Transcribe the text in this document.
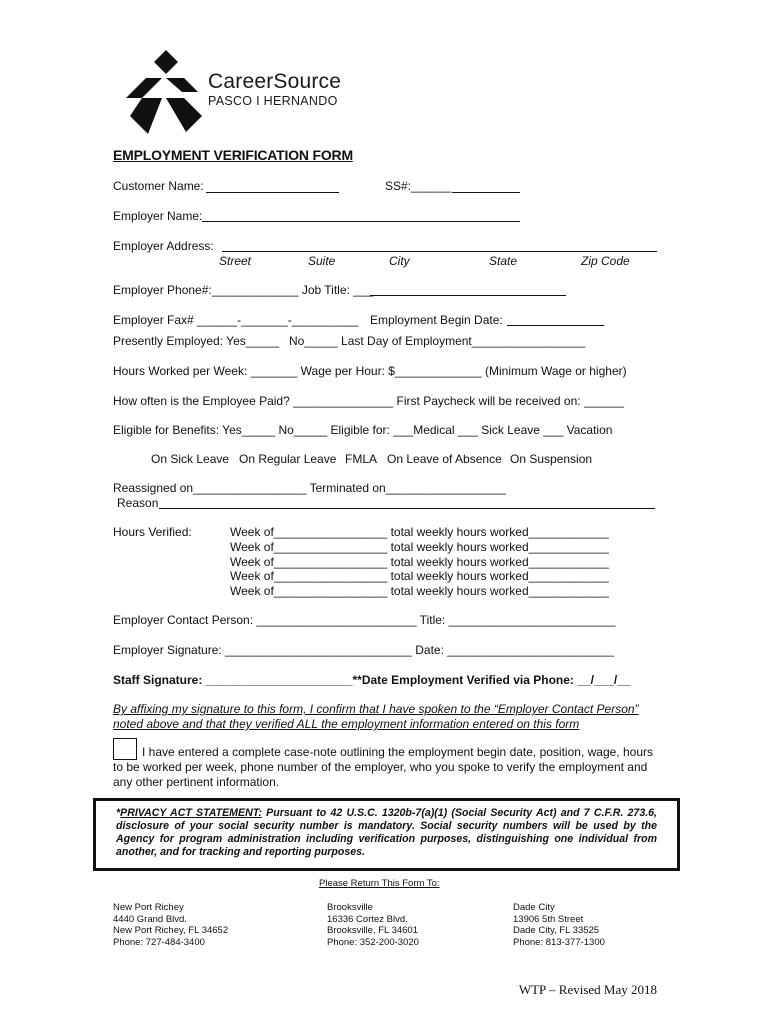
CareerSource
PASCO I HERNANDO
EMPLOYMENT VERIFICATION FORM
Customer Name:	SS#:______
Employer Name:
Employer Address:
Street	Suite	City	State	Zip Code
Employer Phone#:_____________ Job Title: ___
Employer Fax# ______-_______-__________ Employment Begin Date:
Presently Employed: Yes_____ No_____ Last Day of Employment_________________
Hours Worked per Week: _______ Wage per Hour: $_____________ (Minimum Wage or higher)
How often is the Employee Paid? _______________ First Paycheck will be received on: ______
Eligible for Benefits: Yes_____ No_____ Eligible for: ___Medical ___ Sick Leave ___ Vacation
On Sick Leave On Regular Leave FMLA On Leave of Absence On Suspension
Reassigned on_________________ Terminated on__________________
Reason
Hours Verified:	Week of_________________ total weekly hours worked____________
Week of_________________ total weekly hours worked____________
Week of_________________ total weekly hours worked____________
Week of_________________ total weekly hours worked____________
Week of_________________ total weekly hours worked____________
Employer Contact Person: ________________________ Title: _________________________
Employer Signature: ____________________________ Date: _________________________
Staff Signature: ______________________**Date Employment Verified via Phone: __/___/__
By affixing my signature to this form, I confirm that I have spoken to the “Employer Contact Person”
noted above and that they verified ALL the employment information entered on this form
I have entered a complete case-note outlining the employment begin date, position, wage, hours
to be worked per week, phone number of the employer, who you spoke to verify the employment and
any other pertinent information.
*PRIVACY ACT STATEMENT: Pursuant to 42 U.S.C. 1320b-7(a)(1) (Social Security Act) and 7 C.F.R. 273.6, disclosure of your social security number is mandatory. Social security numbers will be used by the Agency for program administration including verification purposes, distinguishing one individual from another, and for tracking and reporting purposes.
Please Return This Form To:
New Port Richey
4440 Grand Blvd.
New Port Richey, FL 34652
Phone: 727-484-3400
Brooksville
16336 Cortez Blvd.
Brooksville, FL 34601
Phone: 352-200-3020
Dade City
13906 5th Street
Dade City, FL 33525
Phone: 813-377-1300
WTP – Revised May 2018
